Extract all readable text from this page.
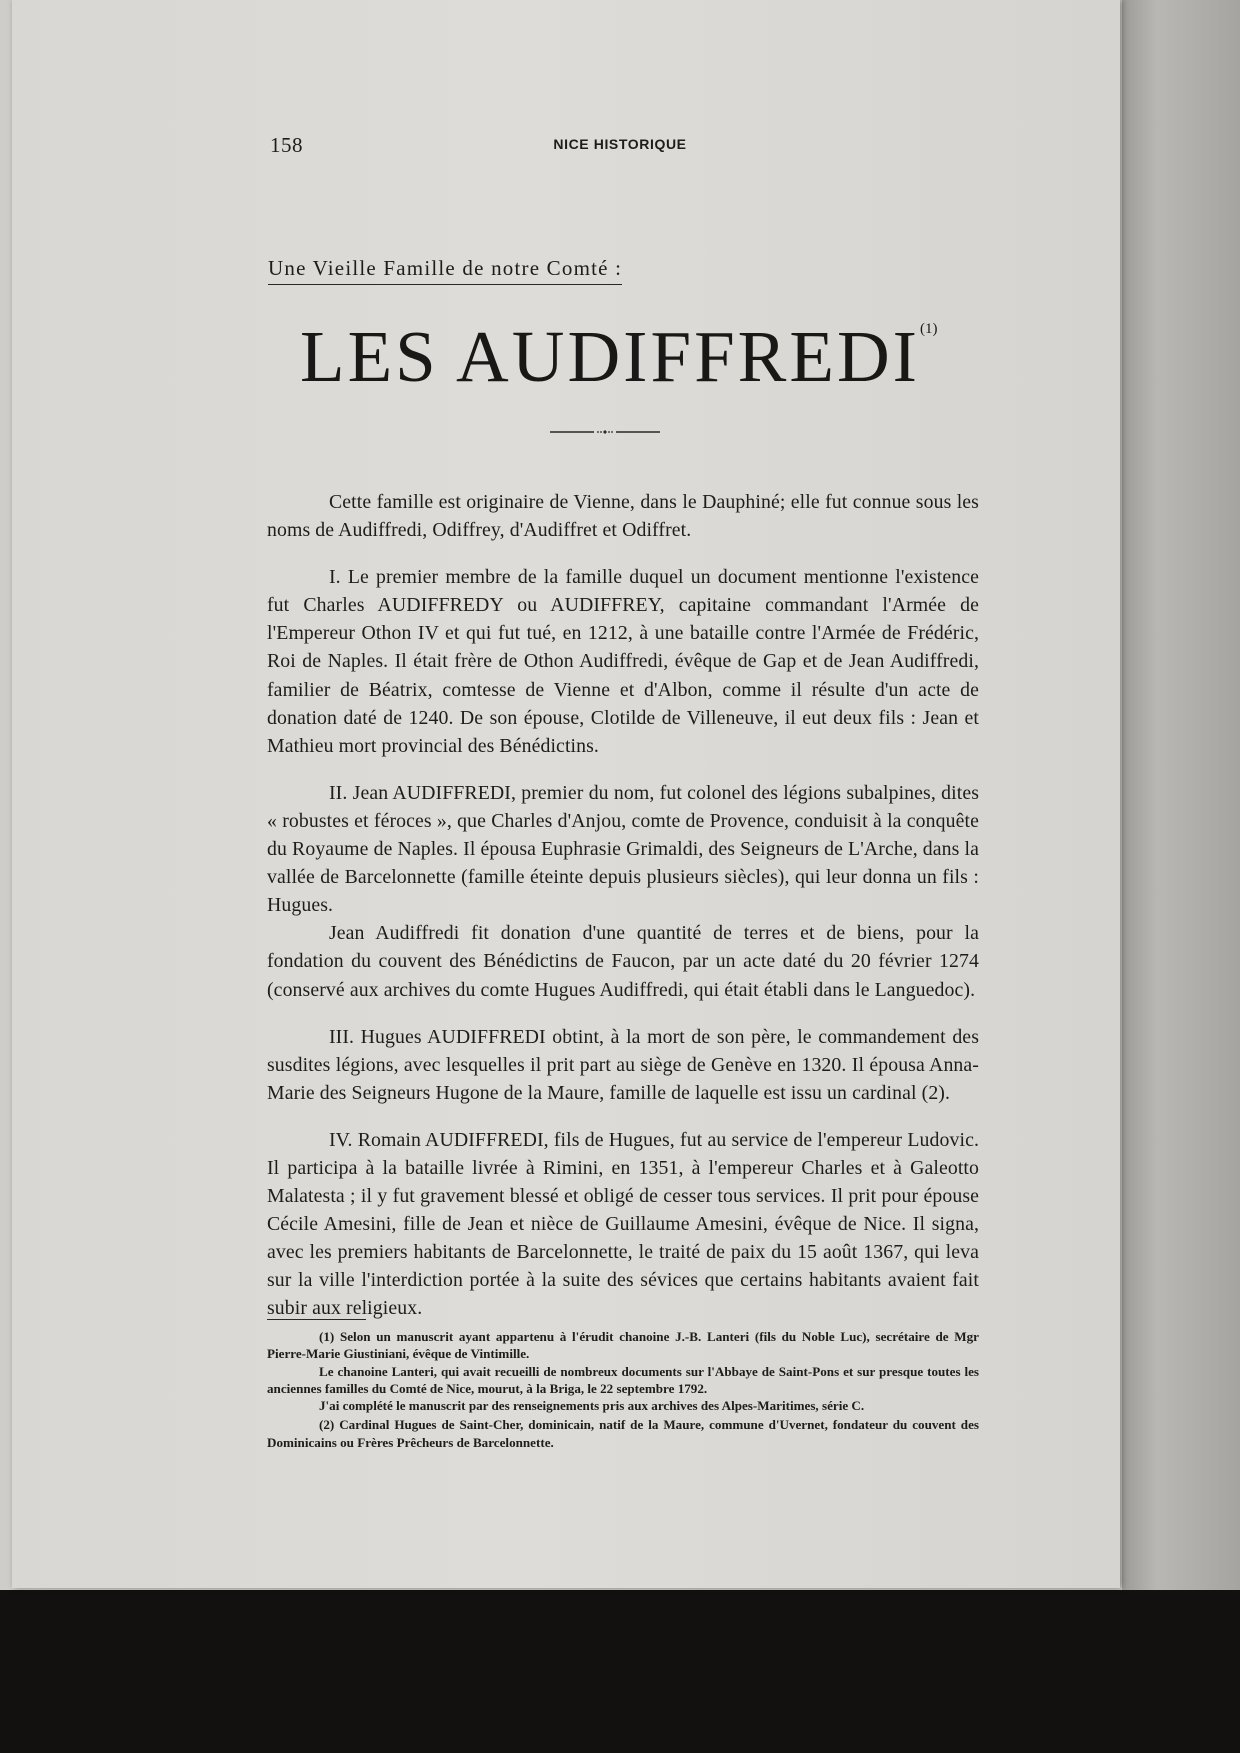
158	NICE HISTORIQUE
Une Vieille Famille de notre Comté :
LES AUDIFFREDI$^{(1)}$

Cette famille est originaire de Vienne, dans le Dauphiné; elle fut connue sous les noms de Audiffredi, Odiffrey, d'Audiffret et Odiffret.

I. Le premier membre de la famille duquel un document mentionne l'existence fut Charles AUDIFFREDY ou AUDIFFREY, capitaine commandant l'Armée de l'Empereur Othon IV et qui fut tué, en 1212, à une bataille contre l'Armée de Frédéric, Roi de Naples. Il était frère de Othon Audiffredi, évêque de Gap et de Jean Audiffredi, familier de Béatrix, comtesse de Vienne et d'Albon, comme il résulte d'un acte de donation daté de 1240. De son épouse, Clotilde de Villeneuve, il eut deux fils : Jean et Mathieu mort provincial des Bénédictins.

II. Jean AUDIFFREDI, premier du nom, fut colonel des légions subalpines, dites « robustes et féroces », que Charles d'Anjou, comte de Provence, conduisit à la conquête du Royaume de Naples. Il épousa Euphrasie Grimaldi, des Seigneurs de L'Arche, dans la vallée de Barcelonnette (famille éteinte depuis plusieurs siècles), qui leur donna un fils : Hugues.

Jean Audiffredi fit donation d'une quantité de terres et de biens, pour la fondation du couvent des Bénédictins de Faucon, par un acte daté du 20 février 1274 (conservé aux archives du comte Hugues Audiffredi, qui était établi dans le Languedoc).

III. Hugues AUDIFFREDI obtint, à la mort de son père, le commandement des susdites légions, avec lesquelles il prit part au siège de Genève en 1320. Il épousa Anna-Marie des Seigneurs Hugone de la Maure, famille de laquelle est issu un cardinal (2).

IV. Romain AUDIFFREDI, fils de Hugues, fut au service de l'empereur Ludovic. Il participa à la bataille livrée à Rimini, en 1351, à l'empereur Charles et à Galeotto Malatesta ; il y fut gravement blessé et obligé de cesser tous services. Il prit pour épouse Cécile Amesini, fille de Jean et nièce de Guillaume Amesini, évêque de Nice. Il signa, avec les premiers habitants de Barcelonnette, le traité de paix du 15 août 1367, qui leva sur la ville l'interdiction portée à la suite des sévices que certains habitants avaient fait subir aux religieux.

(1) Selon un manuscrit ayant appartenu à l'érudit chanoine J.-B. Lanteri (fils du Noble Luc), secrétaire de Mgr Pierre-Marie Giustiniani, évêque de Vintimille.

Le chanoine Lanteri, qui avait recueilli de nombreux documents sur l'Abbaye de Saint-Pons et sur presque toutes les anciennes familles du Comté de Nice, mourut, à la Briga, le 22 septembre 1792.

J'ai complété le manuscrit par des renseignements pris aux archives des Alpes-Maritimes, série C.

(2) Cardinal Hugues de Saint-Cher, dominicain, natif de la Maure, commune d'Uvernet, fondateur du couvent des Dominicains ou Frères Prêcheurs de Barcelonnette.
